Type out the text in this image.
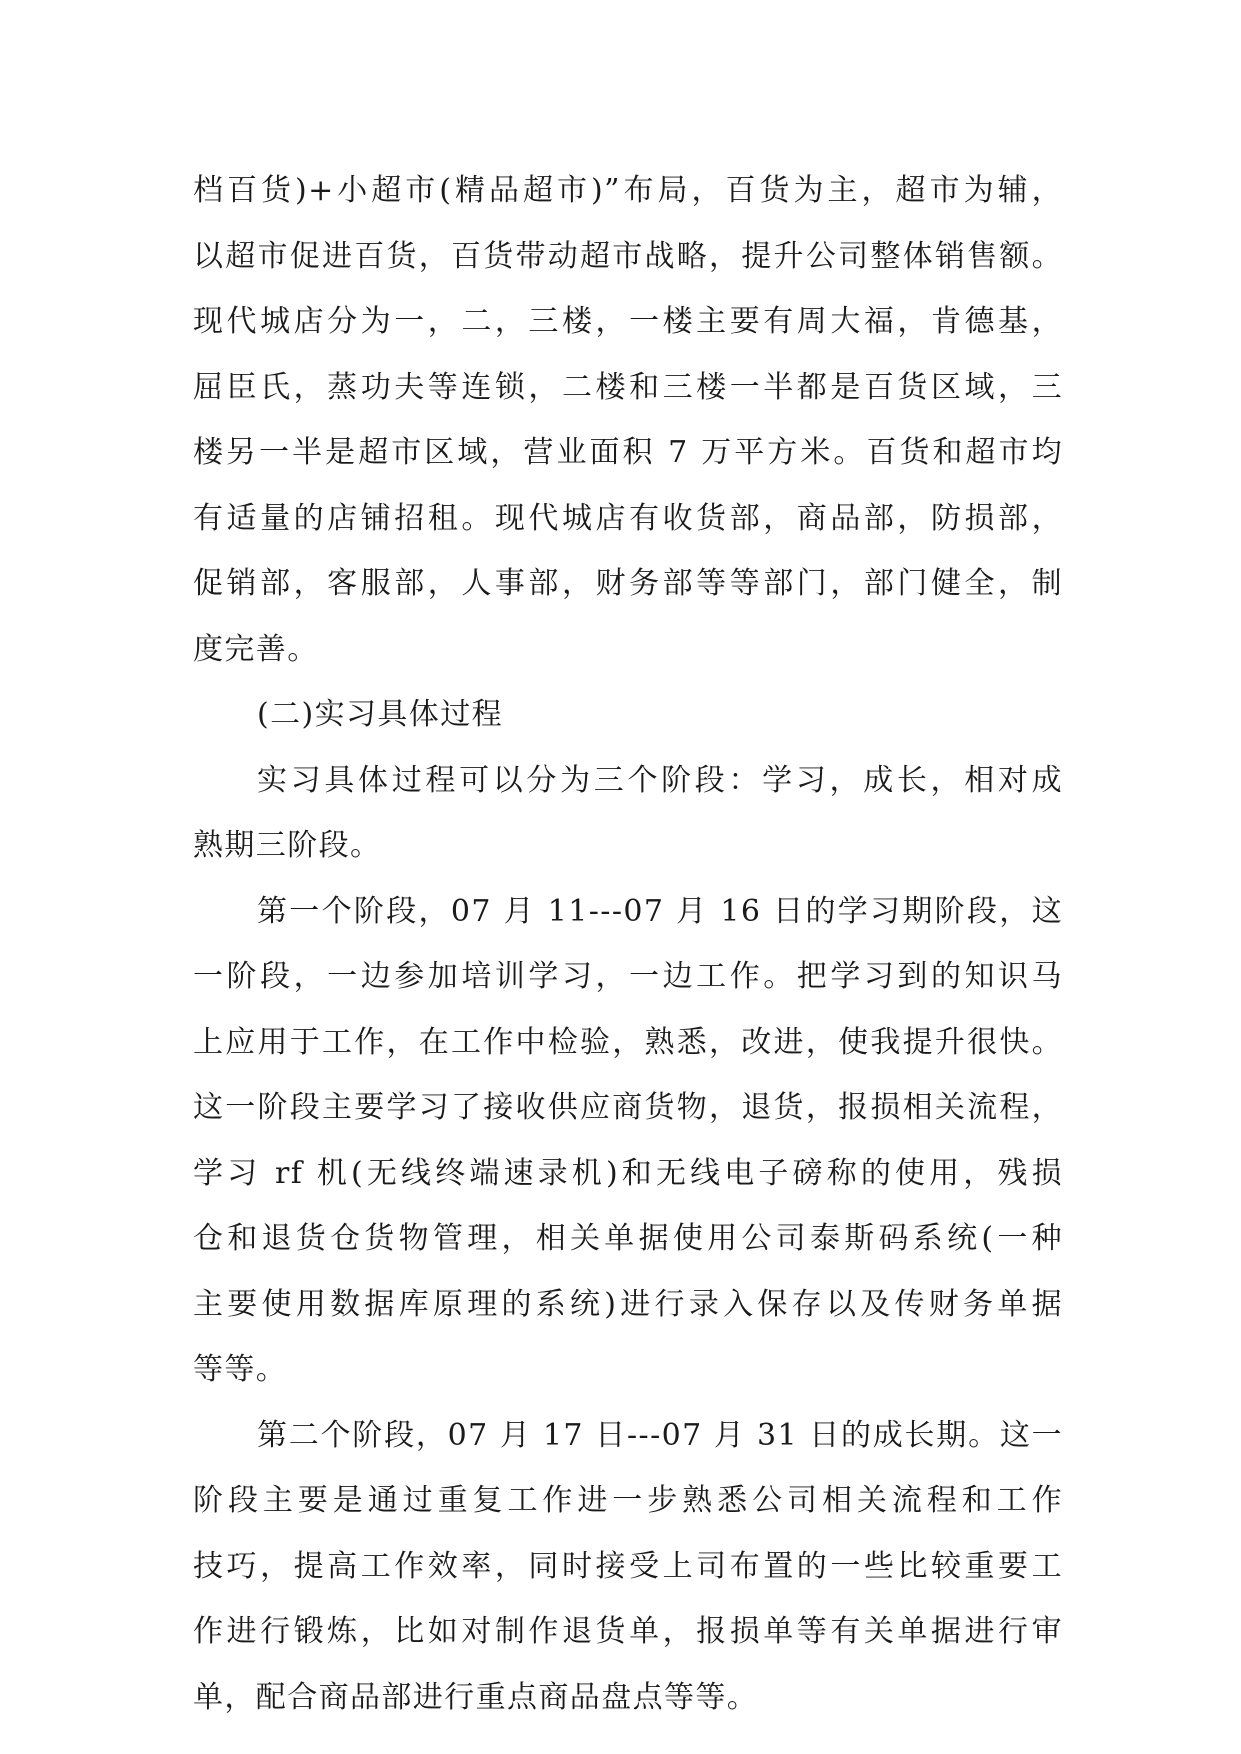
档百货)+小超市(精品超市)”布局，百货为主，超市为辅，
以超市促进百货，百货带动超市战略，提升公司整体销售额。
现代城店分为一，二，三楼，一楼主要有周大福，肯德基，
屈臣氏，蒸功夫等连锁，二楼和三楼一半都是百货区域，三
楼另一半是超市区域，营业面积 7 万平方米。百货和超市均
有适量的店铺招租。现代城店有收货部，商品部，防损部，
促销部，客服部，人事部，财务部等等部门，部门健全，制
度完善。
(二)实习具体过程
实习具体过程可以分为三个阶段：学习，成长，相对成
熟期三阶段。
第一个阶段，07 月 11---07 月 16 日的学习期阶段，这
一阶段，一边参加培训学习，一边工作。把学习到的知识马
上应用于工作，在工作中检验，熟悉，改进，使我提升很快。
这一阶段主要学习了接收供应商货物，退货，报损相关流程，
学习 rf 机(无线终端速录机)和无线电子磅称的使用，残损
仓和退货仓货物管理，相关单据使用公司泰斯码系统(一种
主要使用数据库原理的系统)进行录入保存以及传财务单据
等等。
第二个阶段，07 月 17 日---07 月 31 日的成长期。这一
阶段主要是通过重复工作进一步熟悉公司相关流程和工作
技巧，提高工作效率，同时接受上司布置的一些比较重要工
作进行锻炼，比如对制作退货单，报损单等有关单据进行审
单，配合商品部进行重点商品盘点等等。
